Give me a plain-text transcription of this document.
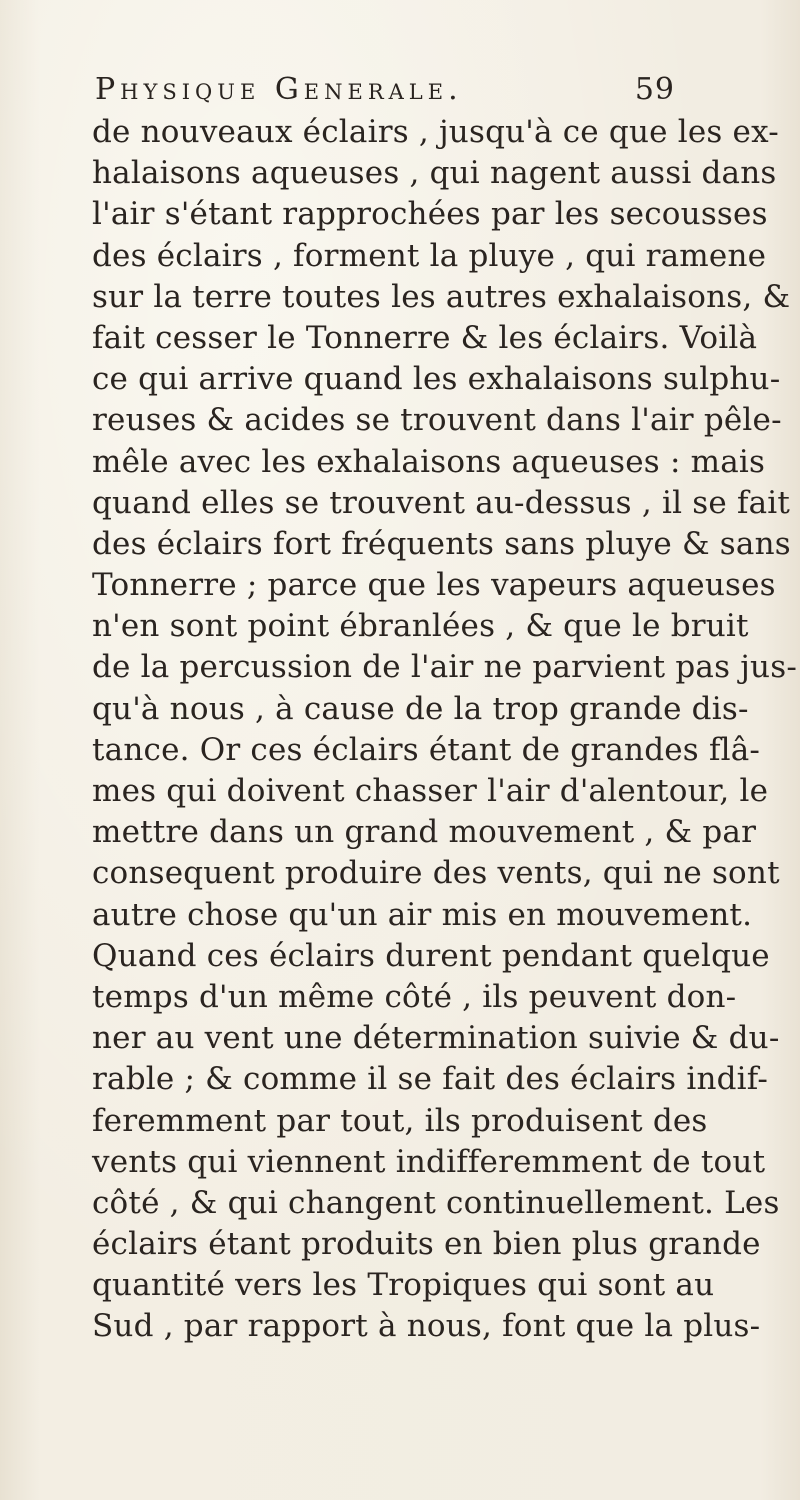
Physique Generale.	59
de nouveaux éclairs , jusqu'à ce que les ex-
halaisons aqueuses , qui nagent aussi dans
l'air s'étant rapprochées par les secousses
des éclairs , forment la pluye , qui ramene
sur la terre toutes les autres exhalaisons, &
fait cesser le Tonnerre & les éclairs. Voilà
ce qui arrive quand les exhalaisons sulphu-
reuses & acides se trouvent dans l'air pêle-
mêle avec les exhalaisons aqueuses : mais
quand elles se trouvent au-dessus , il se fait
des éclairs fort fréquents sans pluye & sans
Tonnerre ; parce que les vapeurs aqueuses
n'en sont point ébranlées , & que le bruit
de la percussion de l'air ne parvient pas jus-
qu'à nous , à cause de la trop grande dis-
tance. Or ces éclairs étant de grandes flâ-
mes qui doivent chasser l'air d'alentour, le
mettre dans un grand mouvement , & par
consequent produire des vents, qui ne sont
autre chose qu'un air mis en mouvement.
Quand ces éclairs durent pendant quelque
temps d'un même côté , ils peuvent don-
ner au vent une détermination suivie & du-
rable ; & comme il se fait des éclairs indif-
feremment par tout, ils produisent des
vents qui viennent indifferemment de tout
côté , & qui changent continuellement. Les
éclairs étant produits en bien plus grande
quantité vers les Tropiques qui sont au
Sud , par rapport à nous, font que la plus-
